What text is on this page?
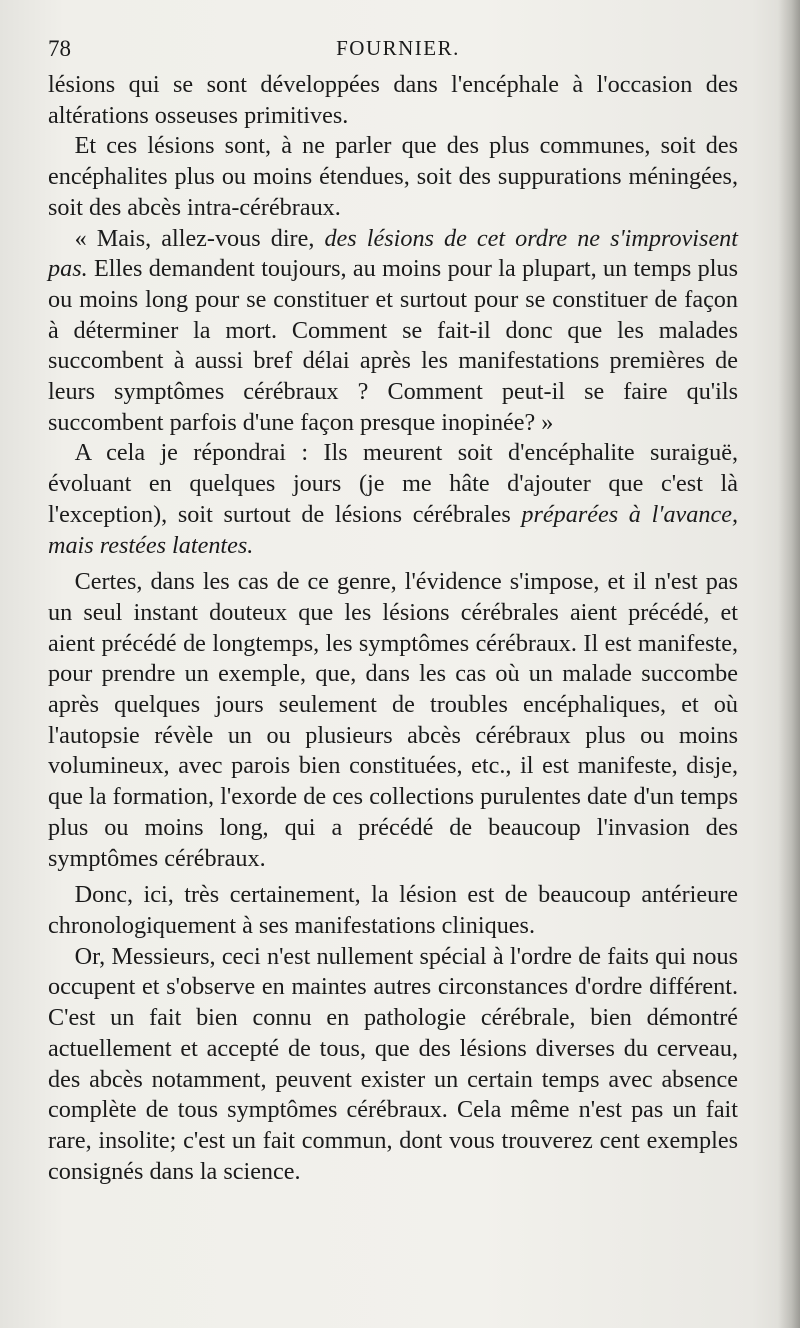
78	FOURNIER.

lésions qui se sont développées dans l'encéphale à l'occasion des altérations osseuses primitives.

Et ces lésions sont, à ne parler que des plus communes, soit des encéphalites plus ou moins étendues, soit des suppurations méningées, soit des abcès intra-cérébraux.

« Mais, allez-vous dire, des lésions de cet ordre ne s'improvisent pas. Elles demandent toujours, au moins pour la plupart, un temps plus ou moins long pour se constituer et surtout pour se constituer de façon à déterminer la mort. Comment se fait-il donc que les malades succombent à aussi bref délai après les manifestations premières de leurs symptômes cérébraux ? Comment peut-il se faire qu'ils succombent parfois d'une façon presque inopinée? »

A cela je répondrai : Ils meurent soit d'encéphalite suraiguë, évoluant en quelques jours (je me hâte d'ajouter que c'est là l'exception), soit surtout de lésions cérébrales préparées à l'avance, mais restées latentes.

Certes, dans les cas de ce genre, l'évidence s'impose, et il n'est pas un seul instant douteux que les lésions cérébrales aient précédé, et aient précédé de longtemps, les symptômes cérébraux. Il est manifeste, pour prendre un exemple, que, dans les cas où un malade succombe après quelques jours seulement de troubles encéphaliques, et où l'autopsie révèle un ou plusieurs abcès cérébraux plus ou moins volumineux, avec parois bien constituées, etc., il est manifeste, disje, que la formation, l'exorde de ces collections purulentes date d'un temps plus ou moins long, qui a précédé de beaucoup l'invasion des symptômes cérébraux.

Donc, ici, très certainement, la lésion est de beaucoup antérieure chronologiquement à ses manifestations cliniques.

Or, Messieurs, ceci n'est nullement spécial à l'ordre de faits qui nous occupent et s'observe en maintes autres circonstances d'ordre différent. C'est un fait bien connu en pathologie cérébrale, bien démontré actuellement et accepté de tous, que des lésions diverses du cerveau, des abcès notamment, peuvent exister un certain temps avec absence complète de tous symptômes cérébraux. Cela même n'est pas un fait rare, insolite; c'est un fait commun, dont vous trouverez cent exemples consignés dans la science.
